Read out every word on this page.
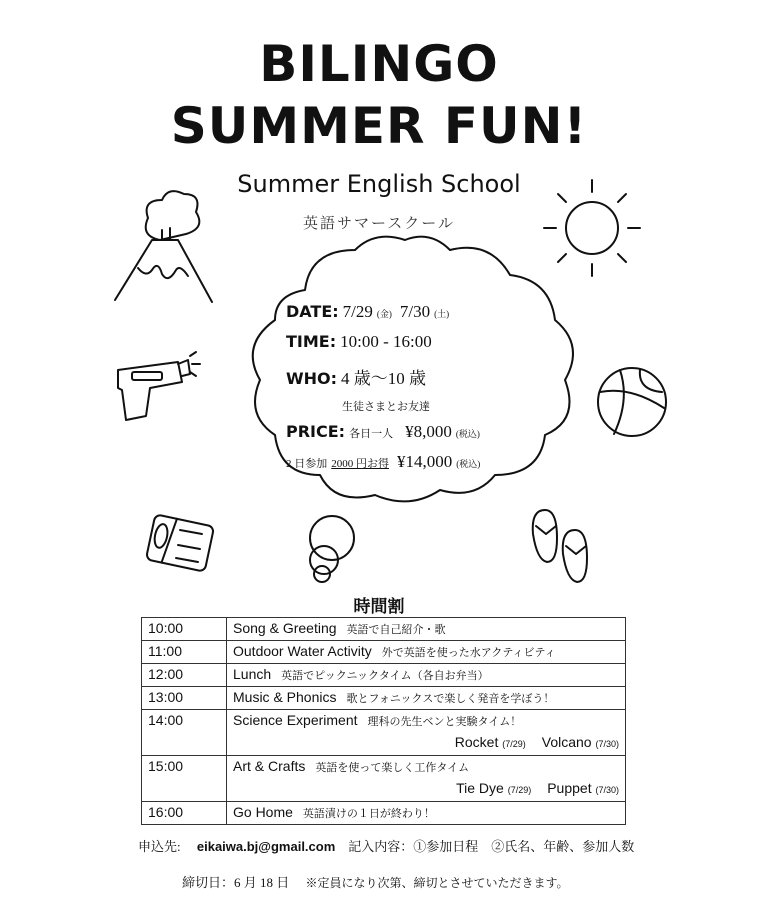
BILINGO
SUMMER FUN!
Summer English School
英語サマースクール
DATE: 7/29 (金) 7/30 (土)
TIME: 10:00 - 16:00
WHO: 4 歳～10 歳
生徒さまとお友達
PRICE: 各日一人 ¥8,000 (税込)
2 日参加 2000 円お得 ¥14,000 (税込)
時間割
10:00	Song & Greeting 英語で自己紹介・歌
11:00	Outdoor Water Activity 外で英語を使った水アクティビティ
12:00	Lunch 英語でピックニックタイム（各自お弁当）
13:00	Music & Phonics 歌とフォニックスで楽しく発音を学ぼう！
14:00	Science Experiment 理科の先生ベンと実験タイム！
Rocket (7/29) Volcano (7/30)

15:00	Art & Crafts 英語を使って楽しく工作タイム
Tie Dye (7/29) Puppet (7/30)

16:00	Go Home 英語漬けの１日が終わり！
申込先: eikaiwa.bj@gmail.com 記入内容：①参加日程　②氏名、年齢、参加人数
締切日：6 月 18 日 ※定員になり次第、締切とさせていただきます。
